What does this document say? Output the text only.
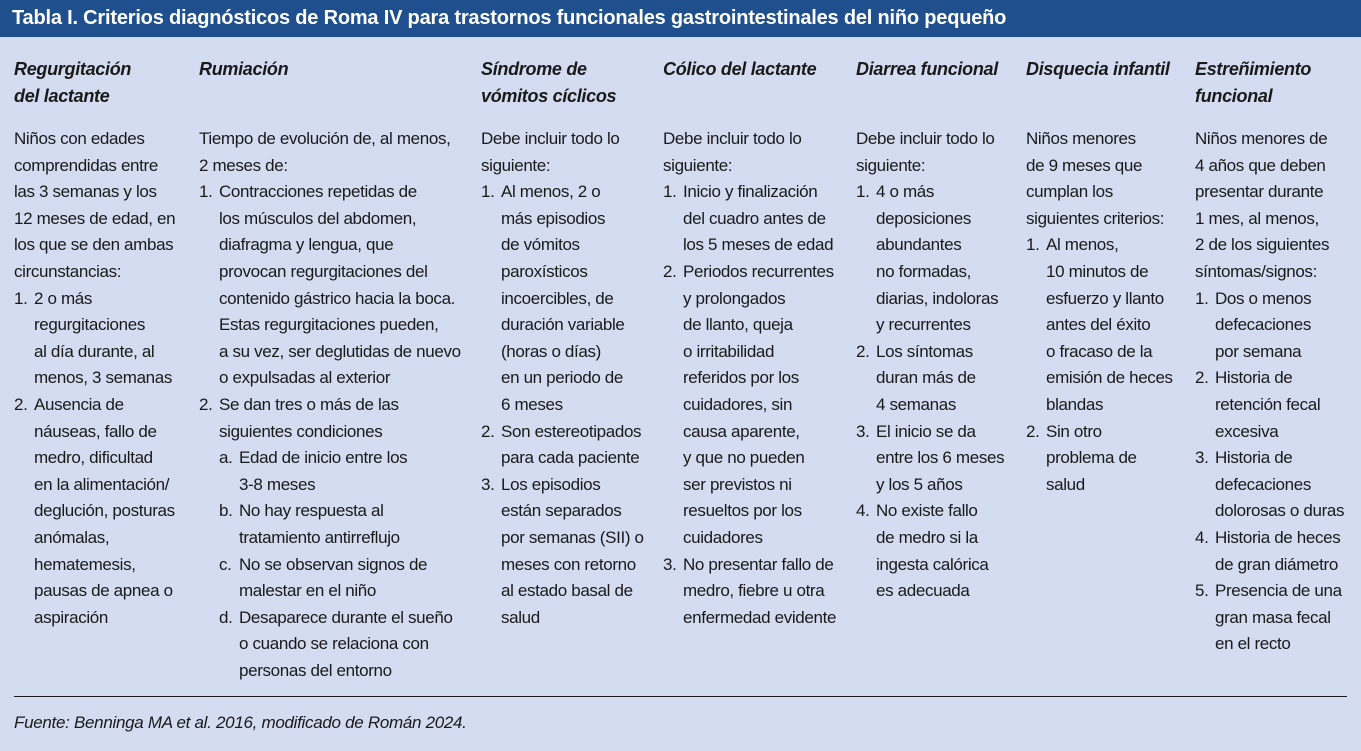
Tabla I. Criterios diagnósticos de Roma IV para trastornos funcionales gastrointestinales del niño pequeño
Regurgitación
del lactante
Niños con edades
comprendidas entre
las 3 semanas y los
12 meses de edad, en
los que se den ambas
circunstancias:
1. 2 o más
regurgitaciones
al día durante, al
menos, 3 semanas
2. Ausencia de
náuseas, fallo de
medro, dificultad
en la alimentación/
deglución, posturas
anómalas,
hematemesis,
pausas de apnea o
aspiración
Rumiación
Tiempo de evolución de, al menos,
2 meses de:
1. Contracciones repetidas de
los músculos del abdomen,
diafragma y lengua, que
provocan regurgitaciones del
contenido gástrico hacia la boca.
Estas regurgitaciones pueden,
a su vez, ser deglutidas de nuevo
o expulsadas al exterior
2. Se dan tres o más de las
siguientes condiciones
a. Edad de inicio entre los
3-8 meses
b. No hay respuesta al
tratamiento antirreflujo
c. No se observan signos de
malestar en el niño
d. Desaparece durante el sueño
o cuando se relaciona con
personas del entorno
Síndrome de
vómitos cíclicos
Debe incluir todo lo
siguiente:
1. Al menos, 2 o
más episodios
de vómitos
paroxísticos
incoercibles, de
duración variable
(horas o días)
en un periodo de
6 meses
2. Son estereotipados
para cada paciente
3. Los episodios
están separados
por semanas (SII) o
meses con retorno
al estado basal de
salud
Cólico del lactante
Debe incluir todo lo
siguiente:
1. Inicio y finalización
del cuadro antes de
los 5 meses de edad
2. Periodos recurrentes
y prolongados
de llanto, queja
o irritabilidad
referidos por los
cuidadores, sin
causa aparente,
y que no pueden
ser previstos ni
resueltos por los
cuidadores
3. No presentar fallo de
medro, fiebre u otra
enfermedad evidente
Diarrea funcional
Debe incluir todo lo
siguiente:
1. 4 o más
deposiciones
abundantes
no formadas,
diarias, indoloras
y recurrentes
2. Los síntomas
duran más de
4 semanas
3. El inicio se da
entre los 6 meses
y los 5 años
4. No existe fallo
de medro si la
ingesta calórica
es adecuada
Disquecia infantil
Niños menores
de 9 meses que
cumplan los
siguientes criterios:
1. Al menos,
10 minutos de
esfuerzo y llanto
antes del éxito
o fracaso de la
emisión de heces
blandas
2. Sin otro
problema de
salud
Estreñimiento
funcional
Niños menores de
4 años que deben
presentar durante
1 mes, al menos,
2 de los siguientes
síntomas/signos:
1. Dos o menos
defecaciones
por semana
2. Historia de
retención fecal
excesiva
3. Historia de
defecaciones
dolorosas o duras
4. Historia de heces
de gran diámetro
5. Presencia de una
gran masa fecal
en el recto
Fuente: Benninga MA et al. 2016, modificado de Román 2024.
